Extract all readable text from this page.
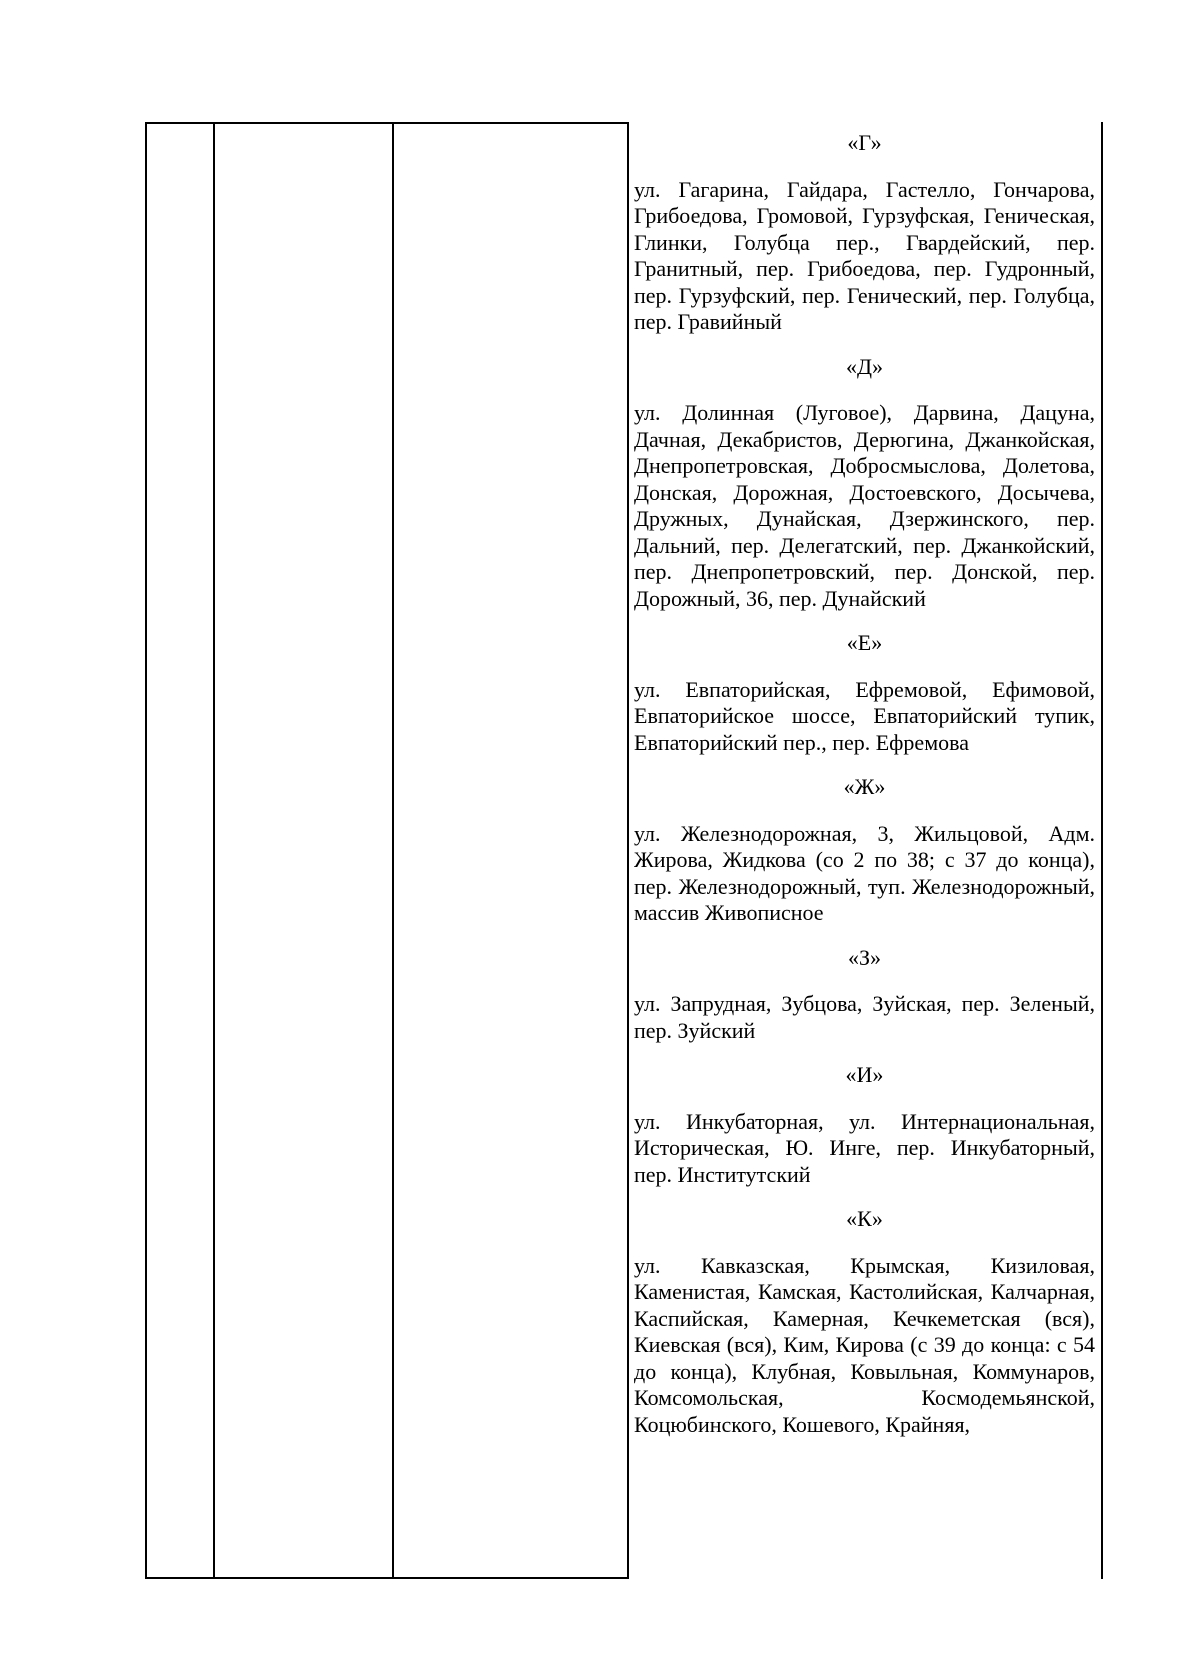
«Г»

ул. Гагарина, Гайдара, Гастелло, Гончарова, Грибоедова, Громовой, Гурзуфская, Геническая, Глинки, Голубца пер., Гвардейский, пер. Гранитный, пер. Грибоедова, пер. Гудронный, пер. Гурзуфский, пер. Генический, пер. Голубца, пер. Гравийный

«Д»

ул. Долинная (Луговое), Дарвина, Дацуна, Дачная, Декабристов, Дерюгина, Джанкойская, Днепропетровская, Добросмыслова, Долетова, Донская, Дорожная, Достоевского, Досычева, Дружных, Дунайская, Дзержинского, пер. Дальний, пер. Делегатский, пер. Джанкойский, пер. Днепропетровский, пер. Донской, пер. Дорожный, 36, пер. Дунайский

«Е»

ул. Евпаторийская, Ефремовой, Ефимовой, Евпаторийское шоссе, Евпаторийский тупик, Евпаторийский пер., пер. Ефремова

«Ж»

ул. Железнодорожная, 3, Жильцовой, Адм. Жирова, Жидкова (со 2 по 38; с 37 до конца), пер. Железнодорожный, туп. Железнодорожный, массив Живописное

«З»

ул. Запрудная, Зубцова, Зуйская, пер. Зеленый, пер. Зуйский

«И»

ул. Инкубаторная, ул. Интернациональная, Историческая, Ю. Инге, пер. Инкубаторный, пер. Институтский

«К»

ул. Кавказская, Крымская, Кизиловая, Каменистая, Камская, Кастолийская, Калчарная, Каспийская, Камерная, Кечкеметская (вся), Киевская (вся), Ким, Кирова (с 39 до конца: с 54 до конца), Клубная, Ковыльная, Коммунаров, Комсомольская, Космодемьянской, Коцюбинского, Кошевого, Крайняя,
